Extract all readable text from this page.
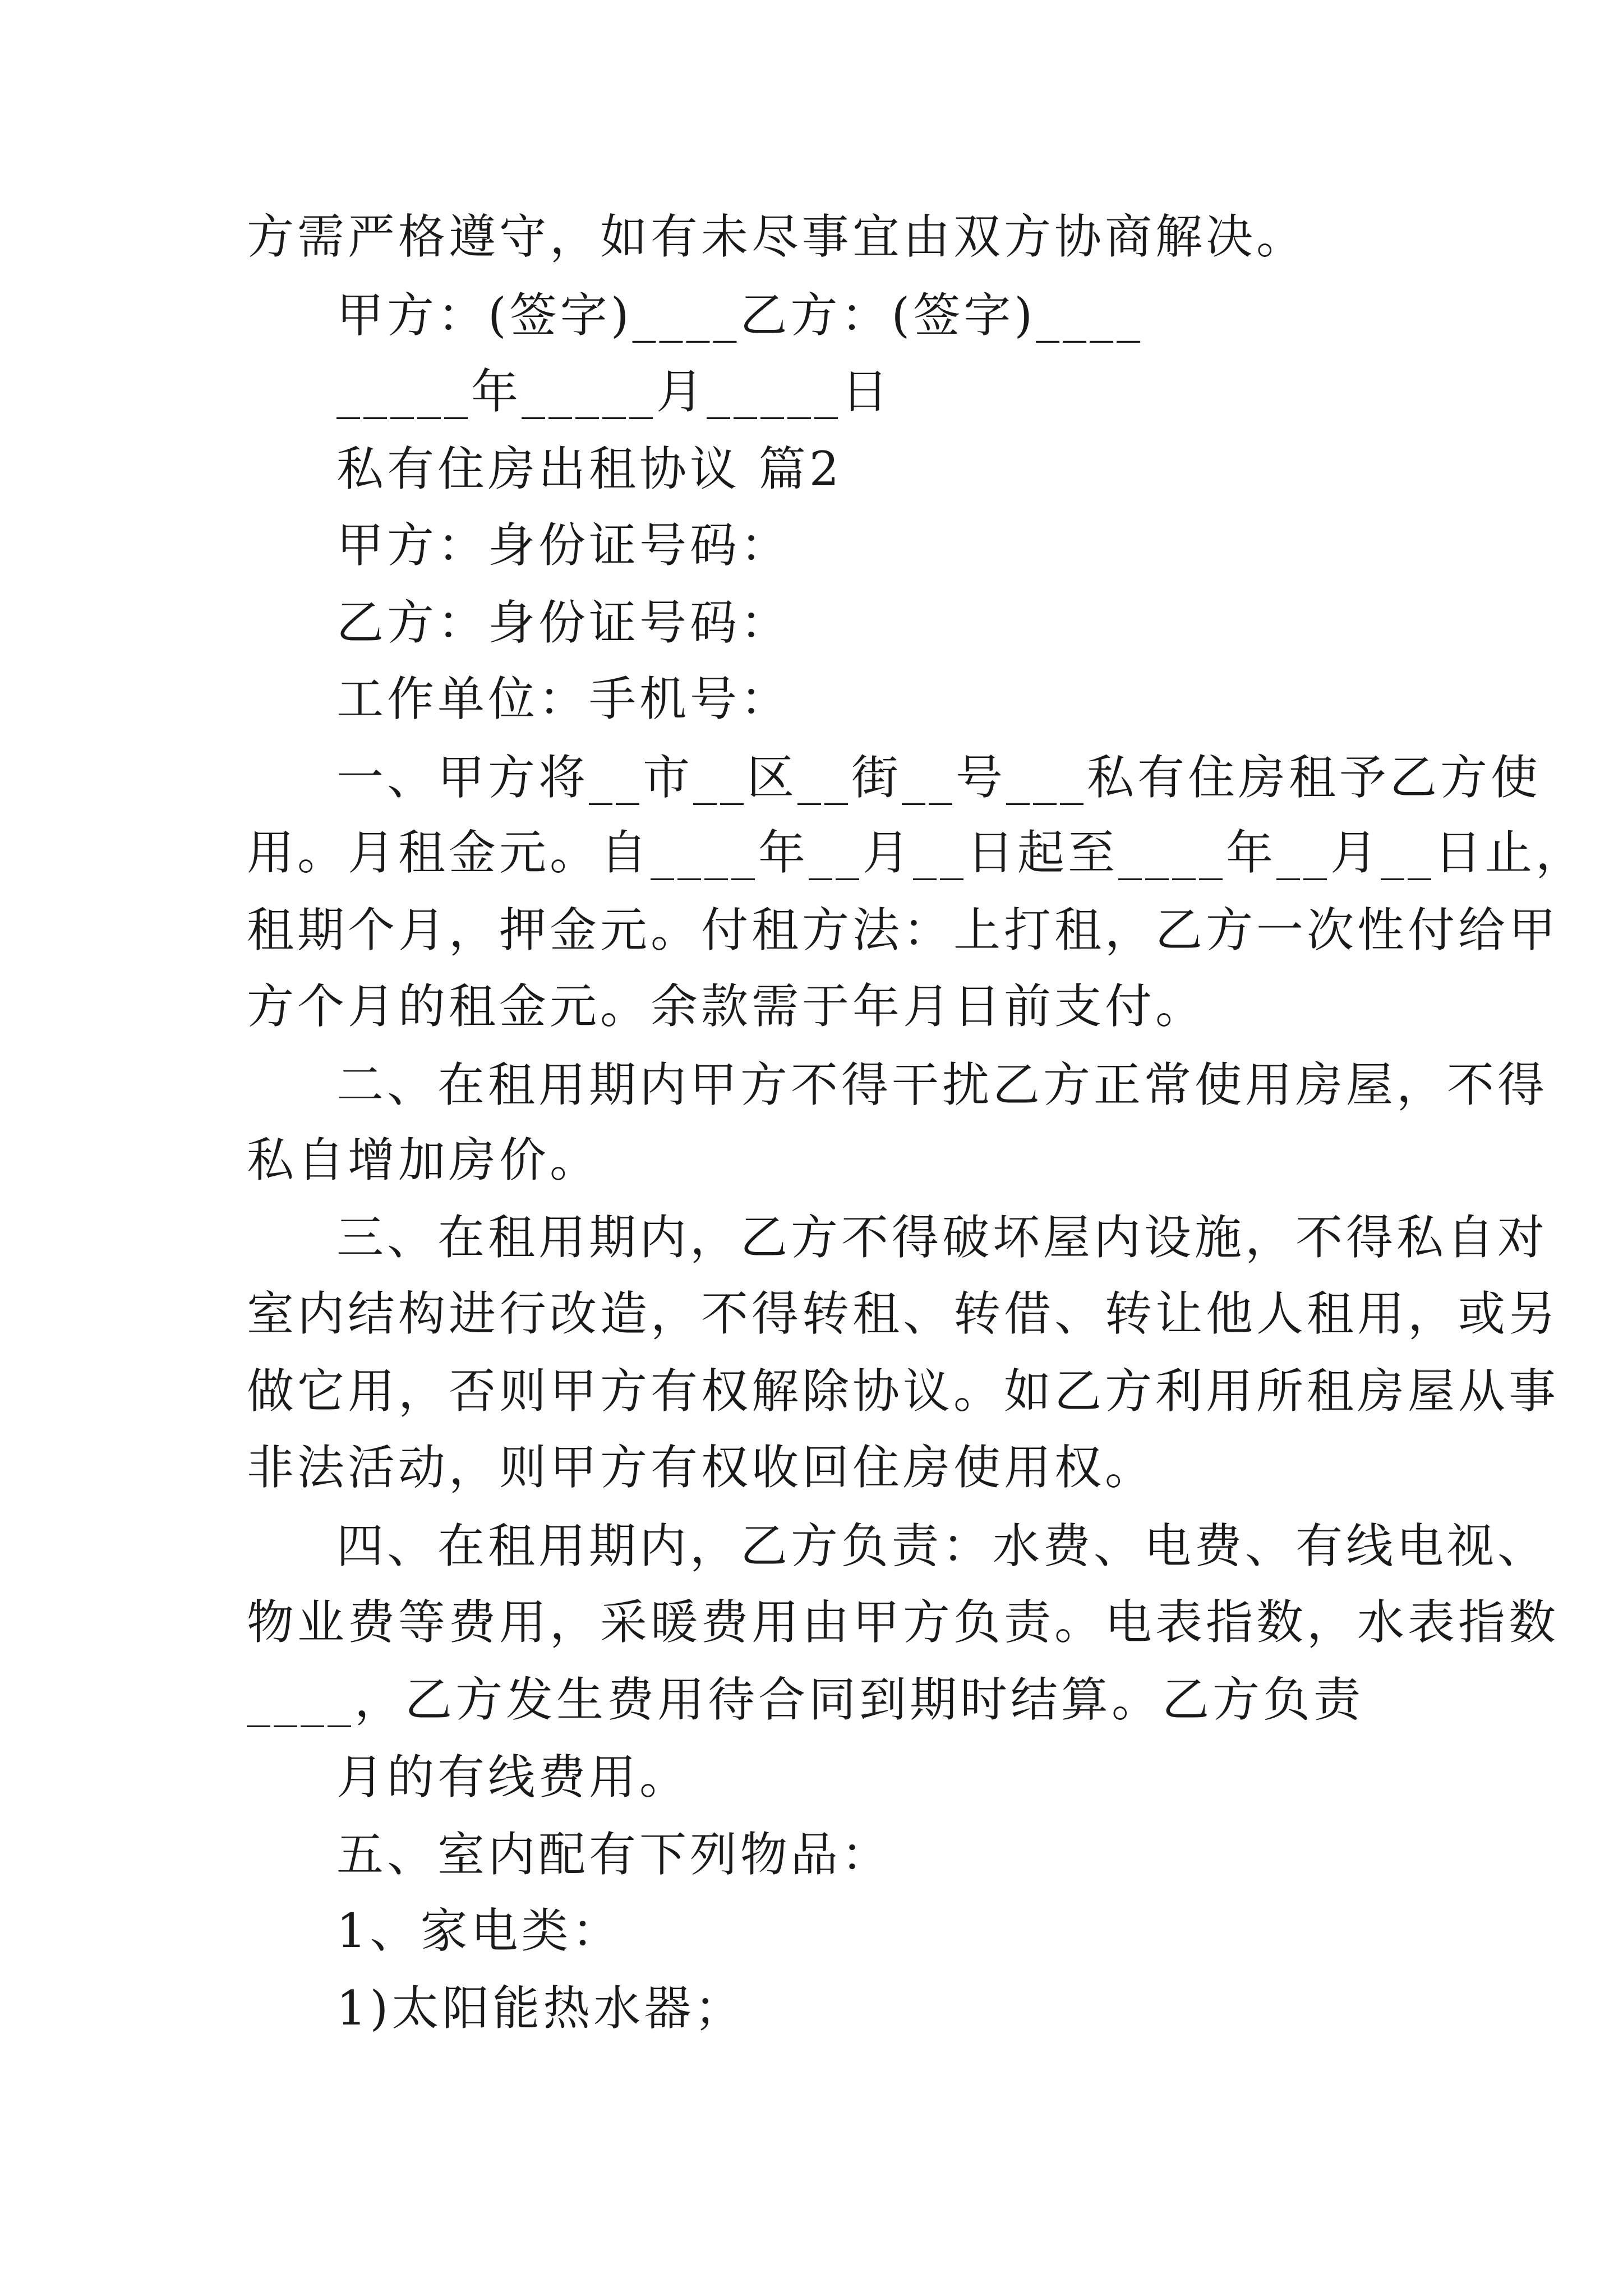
方需严格遵守，如有未尽事宜由双方协商解决。
甲方：(签字)____乙方：(签字)____
_____年_____月_____日
私有住房出租协议 篇2
甲方：身份证号码：
乙方：身份证号码：
工作单位：手机号：
一、甲方将__市__区__街__号___私有住房租予乙方使
用。月租金元。自____年__月__日起至____年__月__日止，
租期个月，押金元。付租方法：上打租，乙方一次性付给甲
方个月的租金元。余款需于年月日前支付。
二、在租用期内甲方不得干扰乙方正常使用房屋，不得
私自增加房价。
三、在租用期内，乙方不得破坏屋内设施，不得私自对
室内结构进行改造，不得转租、转借、转让他人租用，或另
做它用，否则甲方有权解除协议。如乙方利用所租房屋从事
非法活动，则甲方有权收回住房使用权。
四、在租用期内，乙方负责：水费、电费、有线电视、
物业费等费用，采暖费用由甲方负责。电表指数，水表指数
____，乙方发生费用待合同到期时结算。乙方负责
月的有线费用。
五、室内配有下列物品：
1、家电类：
1)太阳能热水器；
